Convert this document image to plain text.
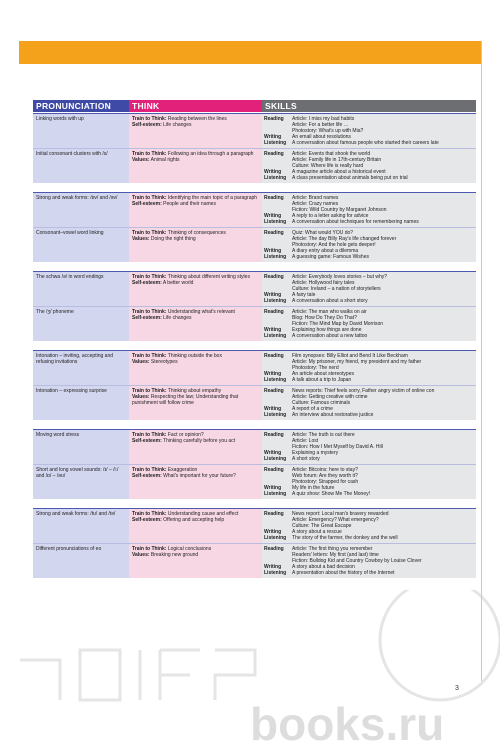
PRONUNCIATION	THINK	SKILLS
Linking words with up	Train to Think: Reading between the lines
Self-esteem: Life changes
Reading	Article: I miss my bad habits
Article: For a better life …
Photostory: What's up with Mia?
Writing	An email about resolutions
Listening	A conversation about famous people who started their careers late
Initial consonant clusters with /s/	Train to Think: Following an idea through a paragraph
Values: Animal rights
Reading	Article: Events that shook the world
Article: Family life in 17th-century Britain
Culture: Where life is really hard
Writing	A magazine article about a historical event
Listening	A class presentation about animals being put on trial
Strong and weak forms: /ɒv/ and /əv/	Train to Think: Identifying the main topic of a paragraph
Self-esteem: People and their names
Reading	Article: Brand names
Article: Crazy names
Fiction: Wild Country by Margaret Johnson
Writing	A reply to a letter asking for advice
Listening	A conversation about techniques for remembering names
Consonant–vowel word linking	Train to Think: Thinking of consequences
Values: Doing the right thing
Reading	Quiz: What would YOU do?
Article: The day Billy Ray's life changed forever
Photostory: And the hole gets deeper!
Writing	A diary entry about a dilemma
Listening	A guessing game: Famous Wishes
The schwa /ə/ in word endings	Train to Think: Thinking about different writing styles
Self-esteem: A better world
Reading	Article: Everybody loves stories – but why?
Article: Hollywood fairy tales
Culture: Ireland – a nation of storytellers
Writing	A fairy tale
Listening	A conversation about a short story
The /ʒ/ phoneme	Train to Think: Understanding what's relevant
Self-esteem: Life changes
Reading	Article: The man who walks on air
Blog: How Do They Do That?
Fiction: The Mind Map by David Morrison
Writing	Explaining how things are done
Listening	A conversation about a new tattoo
Intonation – inviting, accepting and refusing invitations
Train to Think: Thinking outside the box
Values: Stereotypes
Reading	Film synopses: Billy Elliot and Bend It Like Beckham
Article: My prisoner, my friend, my president and my father
Photostory: The nerd
Writing	An article about stereotypes
Listening	A talk about a trip to Japan
Intonation – expressing surprise	Train to Think: Thinking about empathy
Values: Respecting the law; Understanding that punishment will follow crime
Reading	News reports: Thief feels sorry, Father angry victim of online con
Article: Getting creative with crime
Culture: Famous criminals
Writing	A report of a crime
Listening	An interview about restorative justice
Moving word stress	Train to Think: Fact or opinion?
Self-esteem: Thinking carefully before you act
Reading	Article: The truth is out there
Article: Lost
Fiction: How I Met Myself by David A. Hill
Writing	Explaining a mystery
Listening	A short story
Short and long vowel sounds: /ɪ/ – /iː/ and /ɒ/ – /əʊ/
Train to Think: Exaggeration
Self-esteem: What's important for your future?
Reading	Article: Bitcoins: here to stay?
Web forum: Are they worth it?
Photostory: Strapped for cash
Writing	My life in the future
Listening	A quiz show: Show Me The Money!
Strong and weak forms: /tʊ/ and /tə/	Train to Think: Understanding cause and effect
Self-esteem: Offering and accepting help
Reading	News report: Local man's bravery rewarded
Article: Emergency? What emergency?
Culture: The Great Escape
Writing	A story about a rescue
Listening	The story of the farmer, the donkey and the well
Different pronunciations of eo	Train to Think: Logical conclusions
Values: Breaking new ground
Reading	Article: The first thing you remember
Readers' letters: My first (and last) time
Fiction: Bulldog Kid and Country Cowboy by Louise Clover
Writing	A story about a bad decision
Listening	A presentation about the history of the Internet
3
books.ru
